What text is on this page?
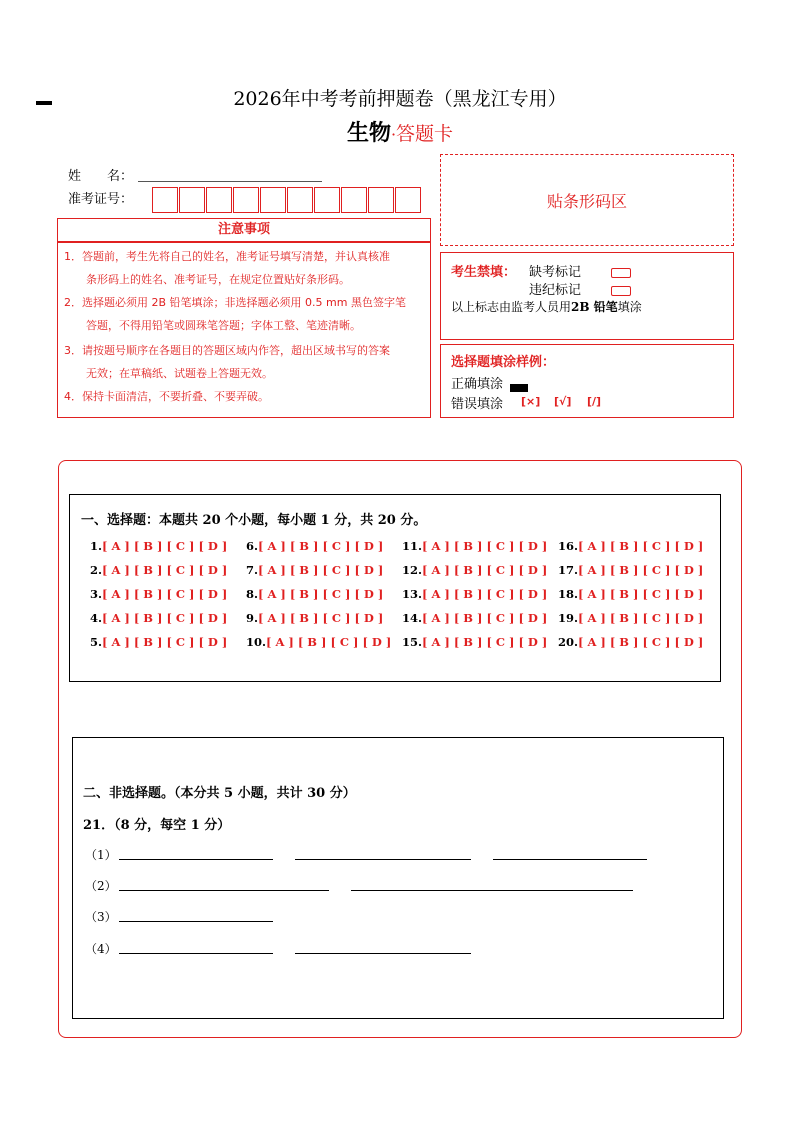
2026年中考考前押题卷（黑龙江专用）
生物·答题卡
姓　　名：
准考证号：	贴条形码区
注意事项
1．答题前，考生先将自己的姓名，准考证号填写清楚，并认真核准
　　条形码上的姓名、准考证号，在规定位置贴好条形码。
2．选择题必须用 2B 铅笔填涂；非选择题必须用 0.5 mm 黑色签字笔
　　答题，不得用铅笔或圆珠笔答题；字体工整、笔迹清晰。
3．请按题号顺序在各题目的答题区域内作答，超出区域书写的答案
　　无效；在草稿纸、试题卷上答题无效。
4．保持卡面清洁，不要折叠、不要弄破。
考生禁填： 缺考标记
违纪标记
以上标志由监考人员用2B 铅笔填涂
选择题填涂样例：
正确填涂
错误填涂 [×] [√] [/]
一、选择题：本题共 20 个小题，每小题 1 分，共 20 分。
1.[ A ] [ B ] [ C ] [ D ]
2.[ A ] [ B ] [ C ] [ D ]
3.[ A ] [ B ] [ C ] [ D ]
4.[ A ] [ B ] [ C ] [ D ]
5.[ A ] [ B ] [ C ] [ D ]
6.[ A ] [ B ] [ C ] [ D ]
7.[ A ] [ B ] [ C ] [ D ]
8.[ A ] [ B ] [ C ] [ D ]
9.[ A ] [ B ] [ C ] [ D ]
10.[ A ] [ B ] [ C ] [ D ]
11.[ A ] [ B ] [ C ] [ D ]
12.[ A ] [ B ] [ C ] [ D ]
13.[ A ] [ B ] [ C ] [ D ]
14.[ A ] [ B ] [ C ] [ D ]
15.[ A ] [ B ] [ C ] [ D ]
16.[ A ] [ B ] [ C ] [ D ]
17.[ A ] [ B ] [ C ] [ D ]
18.[ A ] [ B ] [ C ] [ D ]
19.[ A ] [ B ] [ C ] [ D ]
20.[ A ] [ B ] [ C ] [ D ]
二、非选择题。（本分共 5 小题，共计 30 分）
21．（8 分，每空 1 分）
（1）
（2）
（3）
（4）
